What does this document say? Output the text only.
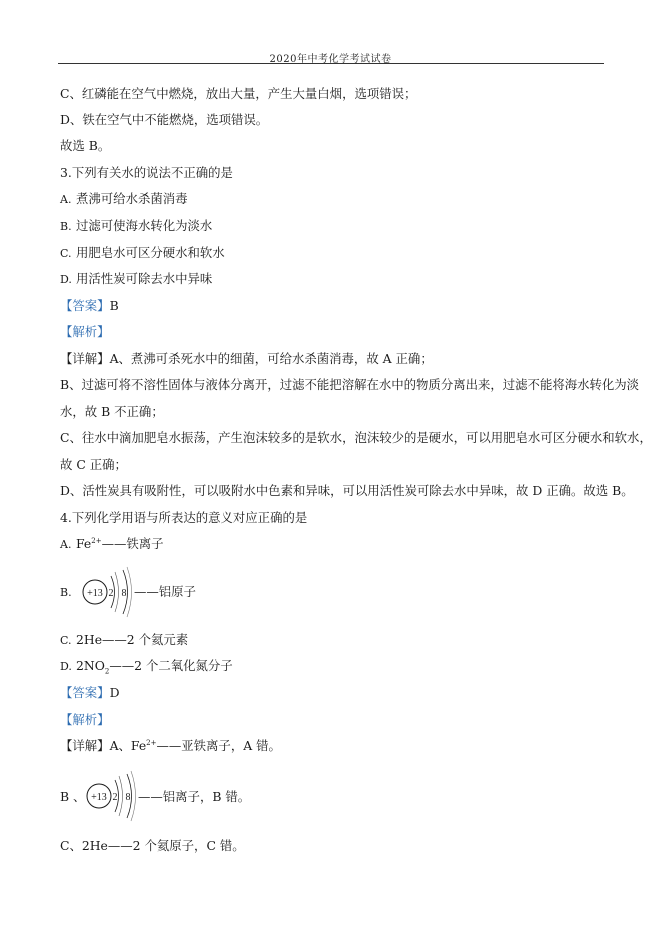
2020年中考化学考试试卷
C、红磷能在空气中燃烧，放出大量，产生大量白烟，选项错误；
D、铁在空气中不能燃烧，选项错误。
故选 B。
3.下列有关水的说法不正确的是
A. 煮沸可给水杀菌消毒
B. 过滤可使海水转化为淡水
C. 用肥皂水可区分硬水和软水
D. 用活性炭可除去水中异味
【答案】B
【解析】
【详解】A、煮沸可杀死水中的细菌，可给水杀菌消毒，故 A 正确；
B、过滤可将不溶性固体与液体分离开，过滤不能把溶解在水中的物质分离出来，过滤不能将海水转化为淡
水，故 B 不正确；
C、往水中滴加肥皂水振荡，产生泡沫较多的是软水，泡沫较少的是硬水，可以用肥皂水可区分硬水和软水，
故 C 正确；
D、活性炭具有吸附性，可以吸附水中色素和异味，可以用活性炭可除去水中异味，故 D 正确。故选 B。
4.下列化学用语与所表达的意义对应正确的是
A. $Fe^{2+}——$铁离子
B.	+13 2 8 ——铝原子
C. 2He——2 个氦元素
D. $2NO_2——2$ 个二氧化氮分子
【答案】D
【解析】
【详解】A、$Fe^{2+}——$亚铁离子，A 错。
B 、 +13 2 8 ——铝离子，B 错。
C、2He——2 个氦原子，C 错。
